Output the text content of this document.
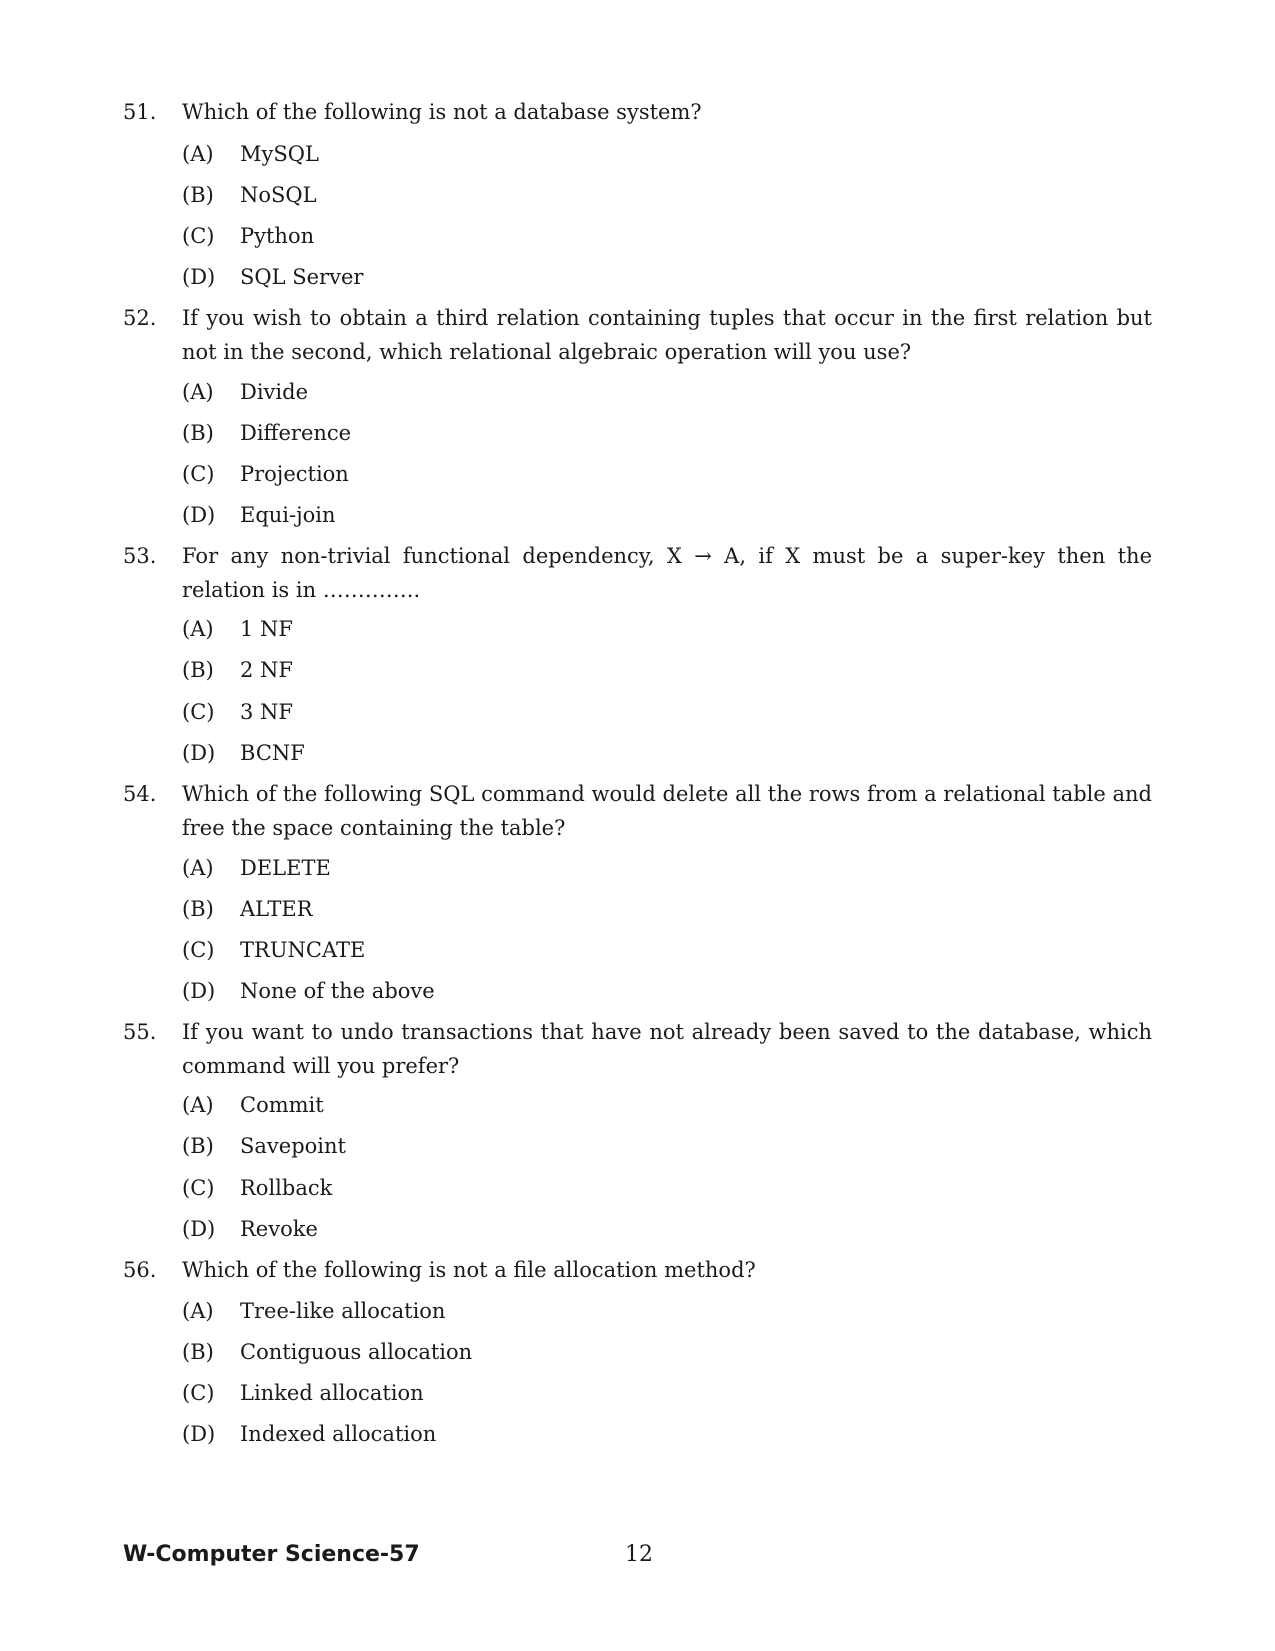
51.	Which of the following is not a database system?
(A)	MySQL
(B)	NoSQL
(C)	Python
(D)	SQL Server
52.	If you wish to obtain a third relation containing tuples that occur in the first relation but not in the second, which relational algebraic operation will you use?
(A)	Divide
(B)	Difference
(C)	Projection
(D)	Equi-join
53.	For any non-trivial functional dependency, X → A, if X must be a super-key then the relation is in …………..
(A)	1 NF
(B)	2 NF
(C)	3 NF
(D)	BCNF
54.	Which of the following SQL command would delete all the rows from a relational table and free the space containing the table?
(A)	DELETE
(B)	ALTER
(C)	TRUNCATE
(D)	None of the above
55.	If you want to undo transactions that have not already been saved to the database, which command will you prefer?
(A)	Commit
(B)	Savepoint
(C)	Rollback
(D)	Revoke
56.	Which of the following is not a file allocation method?
(A)	Tree-like allocation
(B)	Contiguous allocation
(C)	Linked allocation
(D)	Indexed allocation
W-Computer Science-57	12
